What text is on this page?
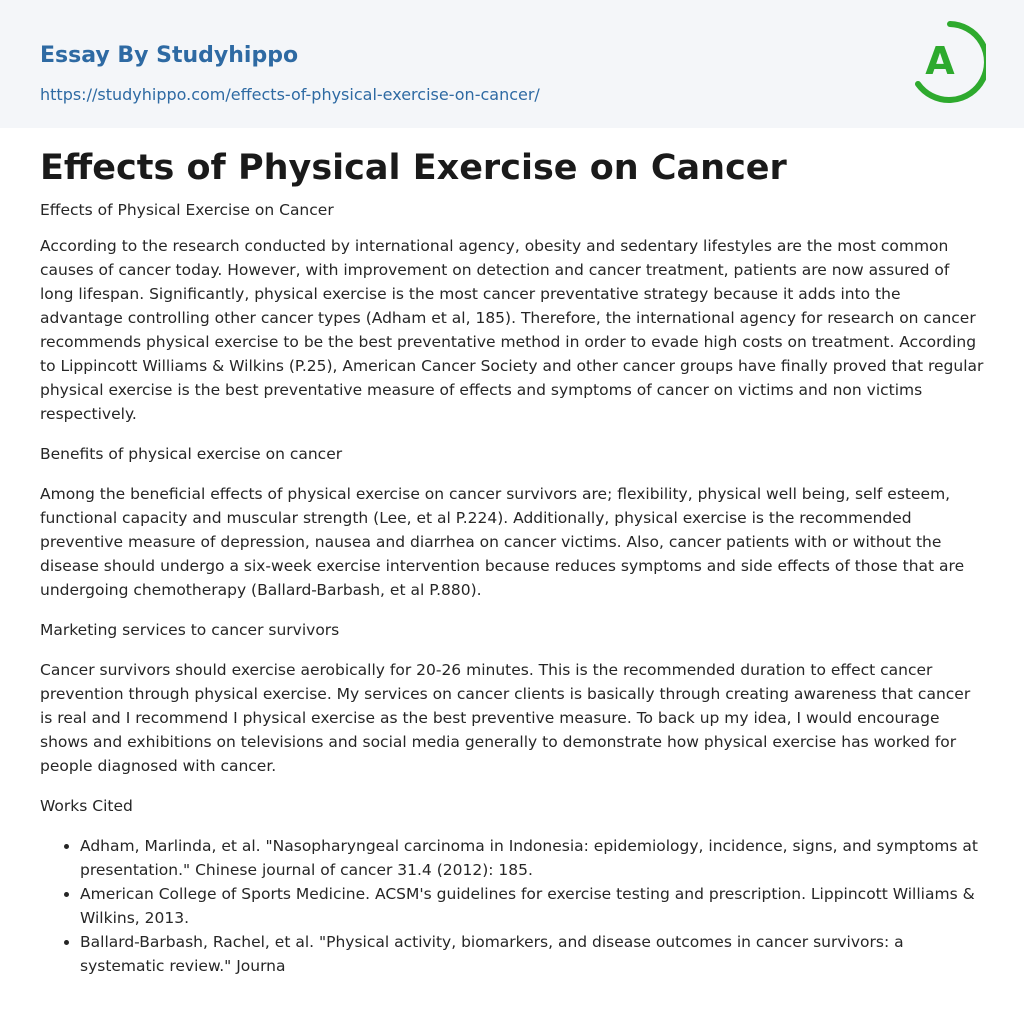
Essay By Studyhippo
https://studyhippo.com/effects-of-physical-exercise-on-cancer/
A
Effects of Physical Exercise on Cancer

Effects of Physical Exercise on Cancer

According to the research conducted by international agency, obesity and sedentary lifestyles are the most common causes of cancer today. However, with improvement on detection and cancer treatment, patients are now assured of long lifespan. Significantly, physical exercise is the most cancer preventative strategy because it adds into the advantage controlling other cancer types (Adham et al, 185). Therefore, the international agency for research on cancer recommends physical exercise to be the best preventative method in order to evade high costs on treatment. According to Lippincott Williams & Wilkins (P.25), American Cancer Society and other cancer groups have finally proved that regular physical exercise is the best preventative measure of effects and symptoms of cancer on victims and non victims respectively.

Benefits of physical exercise on cancer

Among the beneficial effects of physical exercise on cancer survivors are; flexibility, physical well being, self esteem, functional capacity and muscular strength (Lee, et al P.224). Additionally, physical exercise is the recommended preventive measure of depression, nausea and diarrhea on cancer victims. Also, cancer patients with or without the disease should undergo a six-week exercise intervention because reduces symptoms and side effects of those that are undergoing chemotherapy (Ballard-Barbash, et al P.880).

Marketing services to cancer survivors

Cancer survivors should exercise aerobically for 20-26 minutes. This is the recommended duration to effect cancer prevention through physical exercise. My services on cancer clients is basically through creating awareness that cancer is real and I recommend I physical exercise as the best preventive measure. To back up my idea, I would encourage shows and exhibitions on televisions and social media generally to demonstrate how physical exercise has worked for people diagnosed with cancer.

Works Cited

• Adham, Marlinda, et al. "Nasopharyngeal carcinoma in Indonesia: epidemiology, incidence, signs, and symptoms at presentation." Chinese journal of cancer 31.4 (2012): 185.
• American College of Sports Medicine. ACSM's guidelines for exercise testing and prescription. Lippincott Williams & Wilkins, 2013.
• Ballard-Barbash, Rachel, et al. "Physical activity, biomarkers, and disease outcomes in cancer survivors: a systematic review." Journa
